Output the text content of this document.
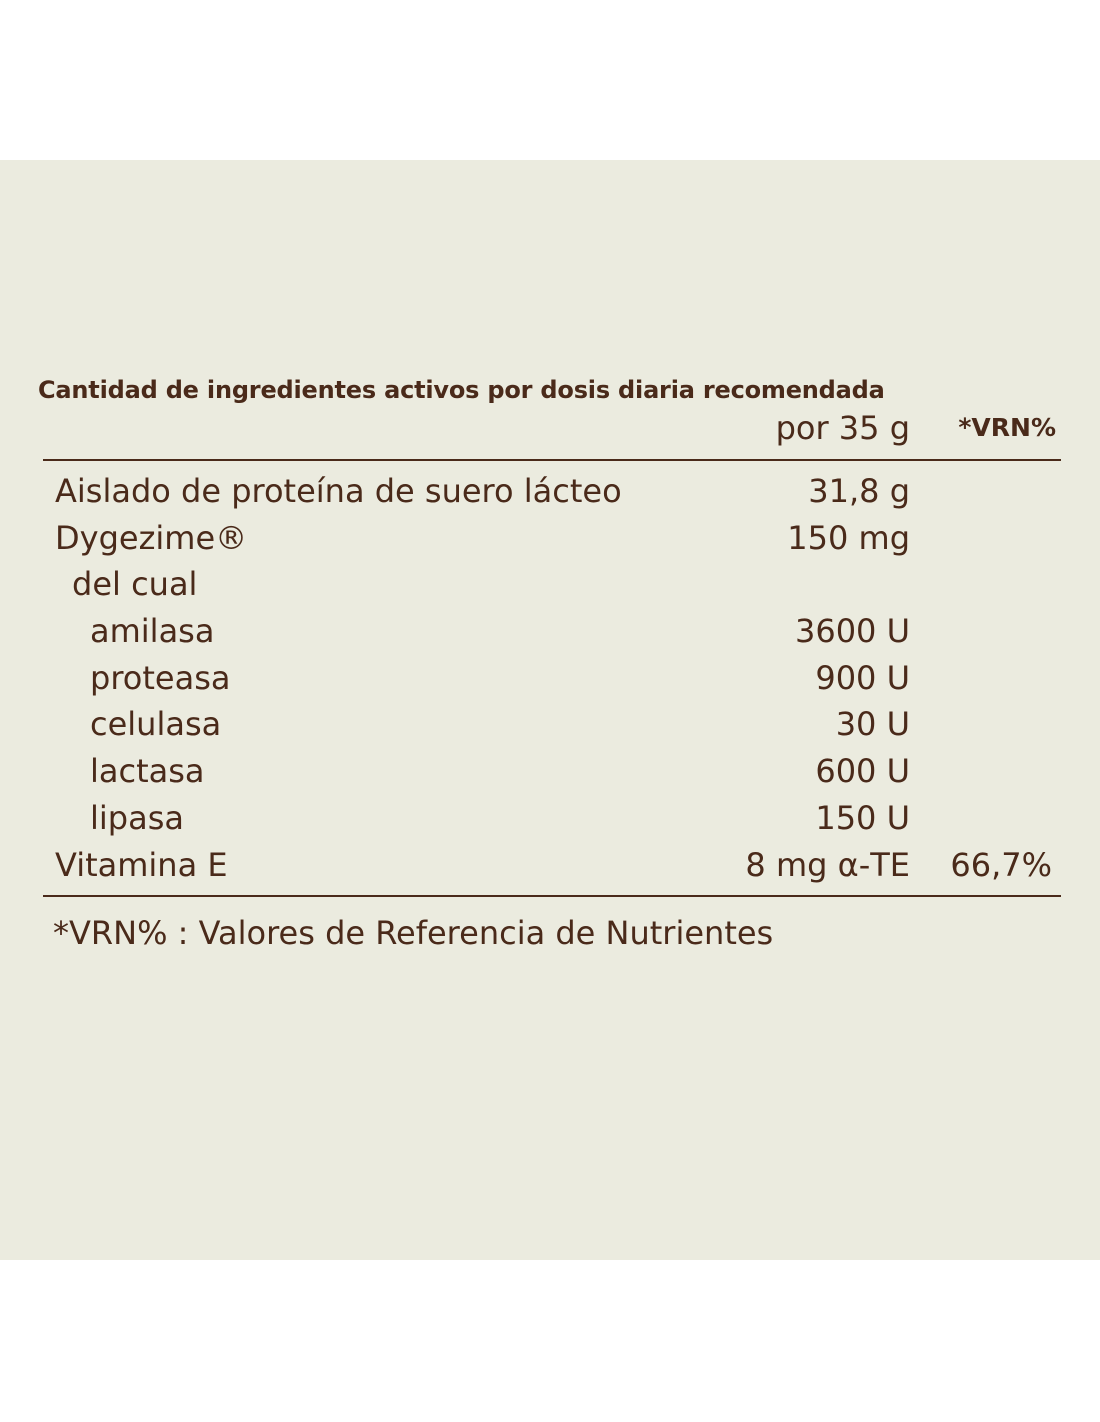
Cantidad de ingredientes activos por dosis diaria recomendada
por 35 g *VRN%
Aislado de proteína de suero lácteo	31,8 g
Dygezime®	150 mg
del cual
amilasa	3600 U
proteasa	900 U
celulasa	30 U
lactasa	600 U
lipasa	150 U
Vitamina E	8 mg α-TE 66,7%
*VRN% : Valores de Referencia de Nutrientes
